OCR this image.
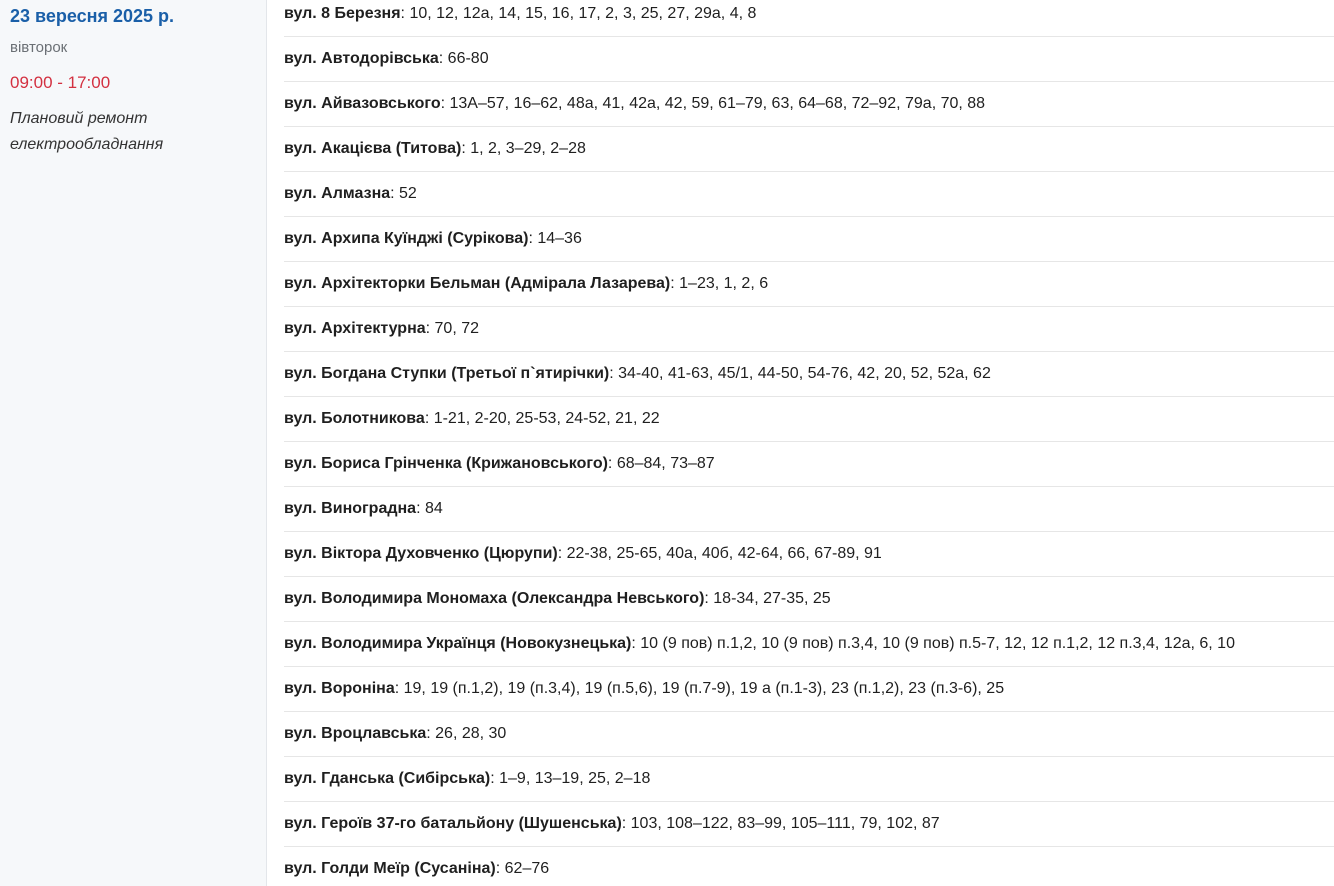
23 вересня 2025 р.
вівторок
09:00 - 17:00
Плановий ремонт електрообладнання
вул. 8 Березня : 10, 12, 12а, 14, 15, 16, 17, 2, 3, 25, 27, 29а, 4, 8
вул. Автодорівська : 66-80
вул. Айвазовського : 13А–57, 16–62, 48а, 41, 42а, 42, 59, 61–79, 63, 64–68, 72–92, 79а, 70, 88
вул. Акацієва (Титова) : 1, 2, 3–29, 2–28
вул. Алмазна : 52
вул. Архипа Куїнджі (Сурікова) : 14–36
вул. Архітекторки Бельман (Адмірала Лазарева) : 1–23, 1, 2, 6
вул. Архітектурна : 70, 72
вул. Богдана Ступки (Третьої п`ятирічки) : 34-40, 41-63, 45/1, 44-50, 54-76, 42, 20, 52, 52а, 62
вул. Болотникова : 1-21, 2-20, 25-53, 24-52, 21, 22
вул. Бориса Грінченка (Крижановського) : 68–84, 73–87
вул. Виноградна : 84
вул. Віктора Духовченко (Цюрупи) : 22-38, 25-65, 40а, 40б, 42-64, 66, 67-89, 91
вул. Володимира Мономаха (Олександра Невського) : 18-34, 27-35, 25
вул. Володимира Українця (Новокузнецька) : 10 (9 пов) п.1,2, 10 (9 пов) п.3,4, 10 (9 пов) п.5-7, 12, 12 п.1,2, 12 п.3,4, 12а, 6, 10
вул. Вороніна : 19, 19 (п.1,2), 19 (п.3,4), 19 (п.5,6), 19 (п.7-9), 19 а (п.1-3), 23 (п.1,2), 23 (п.3-6), 25
вул. Вроцлавська : 26, 28, 30
вул. Гданська (Сибірська) : 1–9, 13–19, 25, 2–18
вул. Героїв 37-го батальйону (Шушенська) : 103, 108–122, 83–99, 105–111, 79, 102, 87
вул. Голди Меїр (Сусаніна) : 62–76
